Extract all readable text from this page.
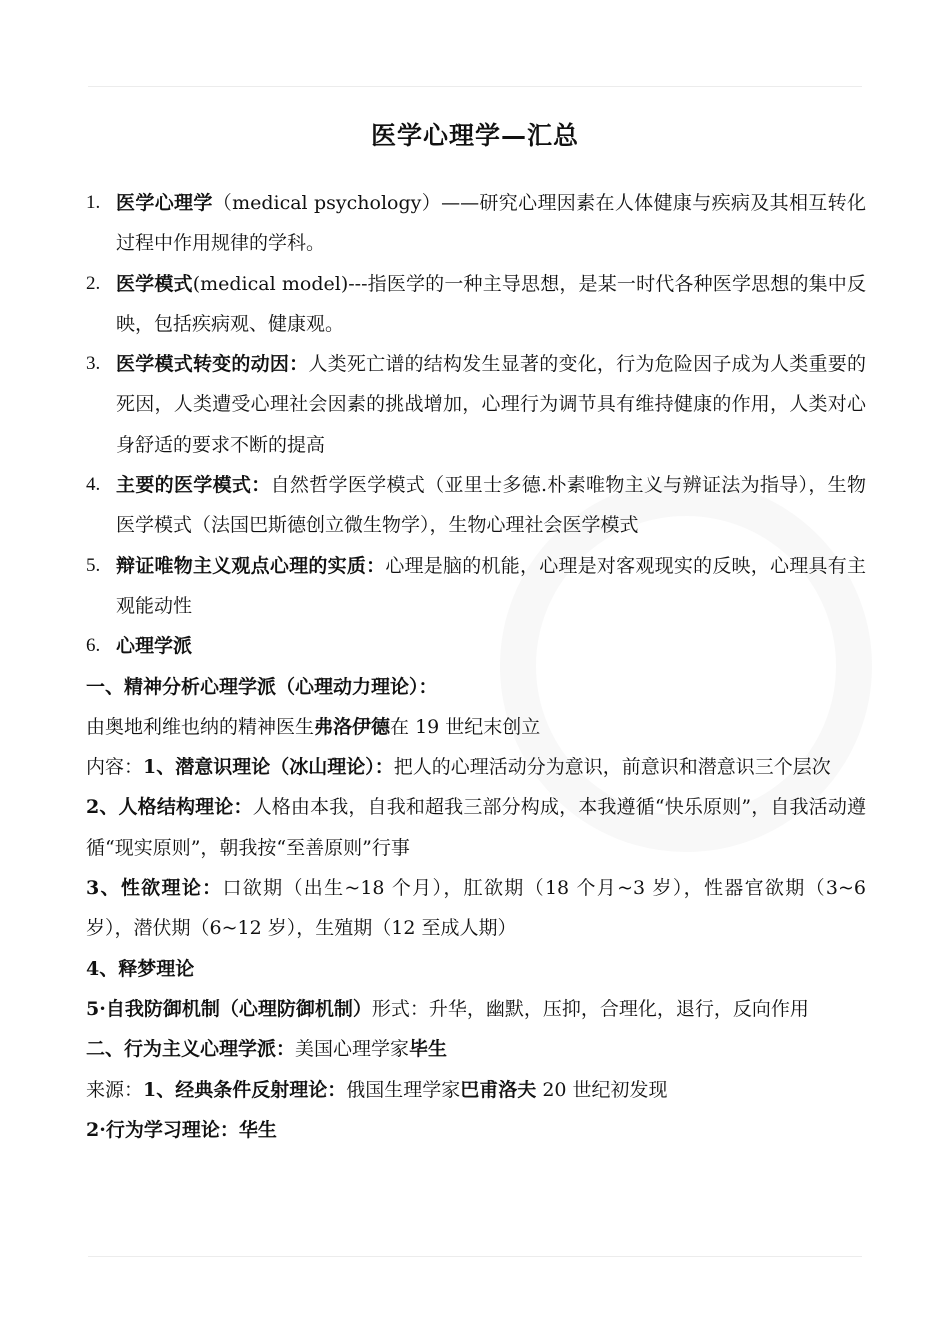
医学心理学—汇总
1. 医学心理学（medical psychology）——研究心理因素在人体健康与疾病及其相互转化过程中作用规律的学科。
2. 医学模式(medical model)---指医学的一种主导思想，是某一时代各种医学思想的集中反映，包括疾病观、健康观。
3. 医学模式转变的动因：人类死亡谱的结构发生显著的变化，行为危险因子成为人类重要的死因，人类遭受心理社会因素的挑战增加，心理行为调节具有维持健康的作用，人类对心身舒适的要求不断的提高
4. 主要的医学模式：自然哲学医学模式（亚里士多德.朴素唯物主义与辨证法为指导），生物医学模式（法国巴斯德创立微生物学），生物心理社会医学模式
5. 辩证唯物主义观点心理的实质：心理是脑的机能，心理是对客观现实的反映，心理具有主观能动性
6. 心理学派
一、精神分析心理学派（心理动力理论）：
由奥地利维也纳的精神医生弗洛伊德在 19 世纪末创立
内容：1、潜意识理论（冰山理论）：把人的心理活动分为意识，前意识和潜意识三个层次
2、人格结构理论：人格由本我，自我和超我三部分构成，本我遵循“快乐原则”，自我活动遵循“现实原则”，朝我按“至善原则”行事
3、性欲理论：口欲期（出生~18 个月），肛欲期（18 个月~3 岁），性器官欲期（3~6 岁），潜伏期（6~12 岁），生殖期（12 至成人期）
4、释梦理论
5·自我防御机制（心理防御机制）形式：升华，幽默，压抑，合理化，退行，反向作用
二、行为主义心理学派：美国心理学家毕生
来源：1、经典条件反射理论：俄国生理学家巴甫洛夫 20 世纪初发现
2·行为学习理论：华生
